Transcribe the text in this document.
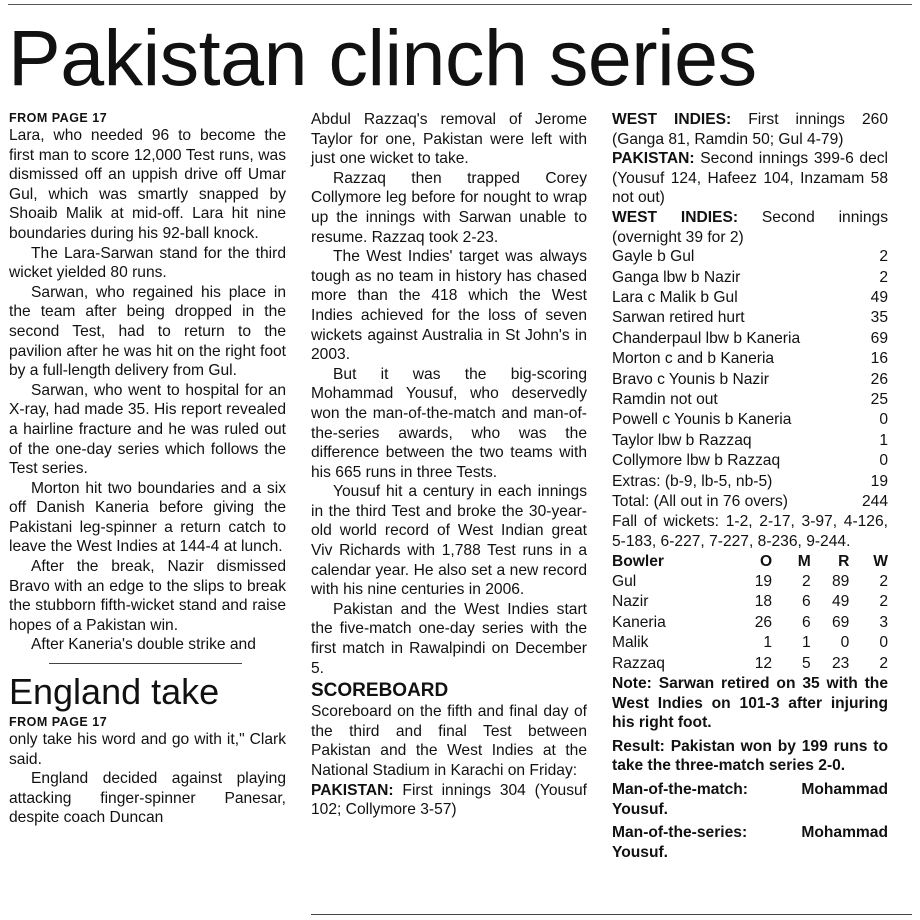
Pakistan clinch series
FROM PAGE 17

Lara, who needed 96 to become the first man to score 12,000 Test runs, was dismissed off an uppish drive off Umar Gul, which was smartly snapped by Shoaib Malik at mid-off. Lara hit nine boundaries during his 92-ball knock.

The Lara-Sarwan stand for the third wicket yielded 80 runs.

Sarwan, who regained his place in the team after being dropped in the second Test, had to return to the pavilion after he was hit on the right foot by a full-length delivery from Gul.

Sarwan, who went to hospital for an X-ray, had made 35. His report revealed a hairline fracture and he was ruled out of the one-day series which follows the Test series.

Morton hit two boundaries and a six off Danish Kaneria before giving the Pakistani leg-spinner a return catch to leave the West Indies at 144-4 at lunch.

After the break, Nazir dismissed Bravo with an edge to the slips to break the stubborn fifth-wicket stand and raise hopes of a Pakistan win.

After Kaneria's double strike and

England take
FROM PAGE 17

only take his word and go with it," Clark said.

England decided against playing attacking finger-spinner Panesar, despite coach Duncan

Abdul Razzaq's removal of Jerome Taylor for one, Pakistan were left with just one wicket to take.

Razzaq then trapped Corey Collymore leg before for nought to wrap up the innings with Sarwan unable to resume. Razzaq took 2-23.

The West Indies' target was always tough as no team in history has chased more than the 418 which the West Indies achieved for the loss of seven wickets against Australia in St John's in 2003.

But it was the big-scoring Mohammad Yousuf, who deservedly won the man-of-the-match and man-of-the-series awards, who was the difference between the two teams with his 665 runs in three Tests.

Yousuf hit a century in each innings in the third Test and broke the 30-year-old world record of West Indian great Viv Richards with 1,788 Test runs in a calendar year. He also set a new record with his nine centuries in 2006.

Pakistan and the West Indies start the five-match one-day series with the first match in Rawalpindi on December 5.

SCOREBOARD

Scoreboard on the fifth and final day of the third and final Test between Pakistan and the West Indies at the National Stadium in Karachi on Friday:

PAKISTAN: First innings 304 (Yousuf 102; Collymore 3-57)

WEST INDIES: First innings 260 (Ganga 81, Ramdin 50; Gul 4-79)

PAKISTAN: Second innings 399-6 decl (Yousuf 124, Hafeez 104, Inzamam 58 not out)

WEST INDIES: Second innings (overnight 39 for 2)

Gayle b Gul	2
Ganga lbw b Nazir	2
Lara c Malik b Gul	49
Sarwan retired hurt	35
Chanderpaul lbw b Kaneria	69
Morton c and b Kaneria	16
Bravo c Younis b Nazir	26
Ramdin not out	25
Powell c Younis b Kaneria	0
Taylor lbw b Razzaq	1
Collymore lbw b Razzaq	0
Extras: (b-9, lb-5, nb-5)	19
Total: (All out in 76 overs)	244

Fall of wickets: 1-2, 2-17, 3-97, 4-126, 5-183, 6-227, 7-227, 8-236, 9-244.

Bowler	O	M	R	W
Gul	19	2	89	2
Nazir	18	6	49	2
Kaneria	26	6	69	3
Malik	1	1	0	0
Razzaq	12	5	23	2

Note: Sarwan retired on 35 with the West Indies on 101-3 after injuring his right foot.

Result: Pakistan won by 199 runs to take the three-match series 2-0.

Man-of-the-match: Mohammad Yousuf.

Man-of-the-series: Mohammad Yousuf.
